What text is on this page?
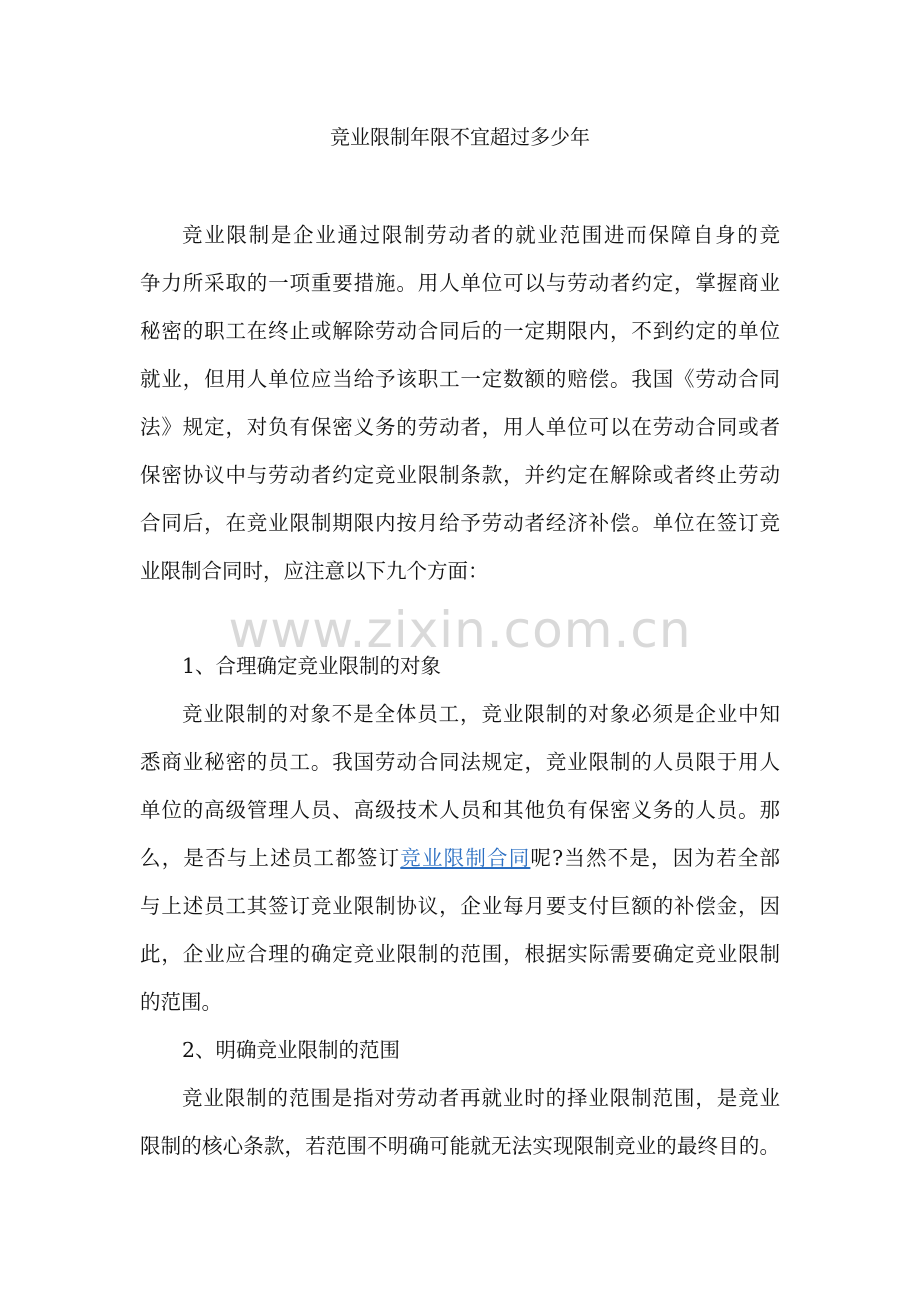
竞业限制年限不宜超过多少年
竞业限制是企业通过限制劳动者的就业范围进而保障自身的竞
争力所采取的一项重要措施。用人单位可以与劳动者约定，掌握商业
秘密的职工在终止或解除劳动合同后的一定期限内，不到约定的单位
就业，但用人单位应当给予该职工一定数额的赔偿。我国《劳动合同
法》规定，对负有保密义务的劳动者，用人单位可以在劳动合同或者
保密协议中与劳动者约定竞业限制条款，并约定在解除或者终止劳动
合同后，在竞业限制期限内按月给予劳动者经济补偿。单位在签订竞
业限制合同时，应注意以下九个方面：
www.zixin.com.cn
1、合理确定竞业限制的对象
竞业限制的对象不是全体员工，竞业限制的对象必须是企业中知
悉商业秘密的员工。我国劳动合同法规定，竞业限制的人员限于用人
单位的高级管理人员、高级技术人员和其他负有保密义务的人员。那
么，是否与上述员工都签订竞业限制合同呢?当然不是，因为若全部
与上述员工其签订竞业限制协议，企业每月要支付巨额的补偿金，因
此，企业应合理的确定竞业限制的范围，根据实际需要确定竞业限制
的范围。
2、明确竞业限制的范围
竞业限制的范围是指对劳动者再就业时的择业限制范围，是竞业
限制的核心条款，若范围不明确可能就无法实现限制竞业的最终目的。
